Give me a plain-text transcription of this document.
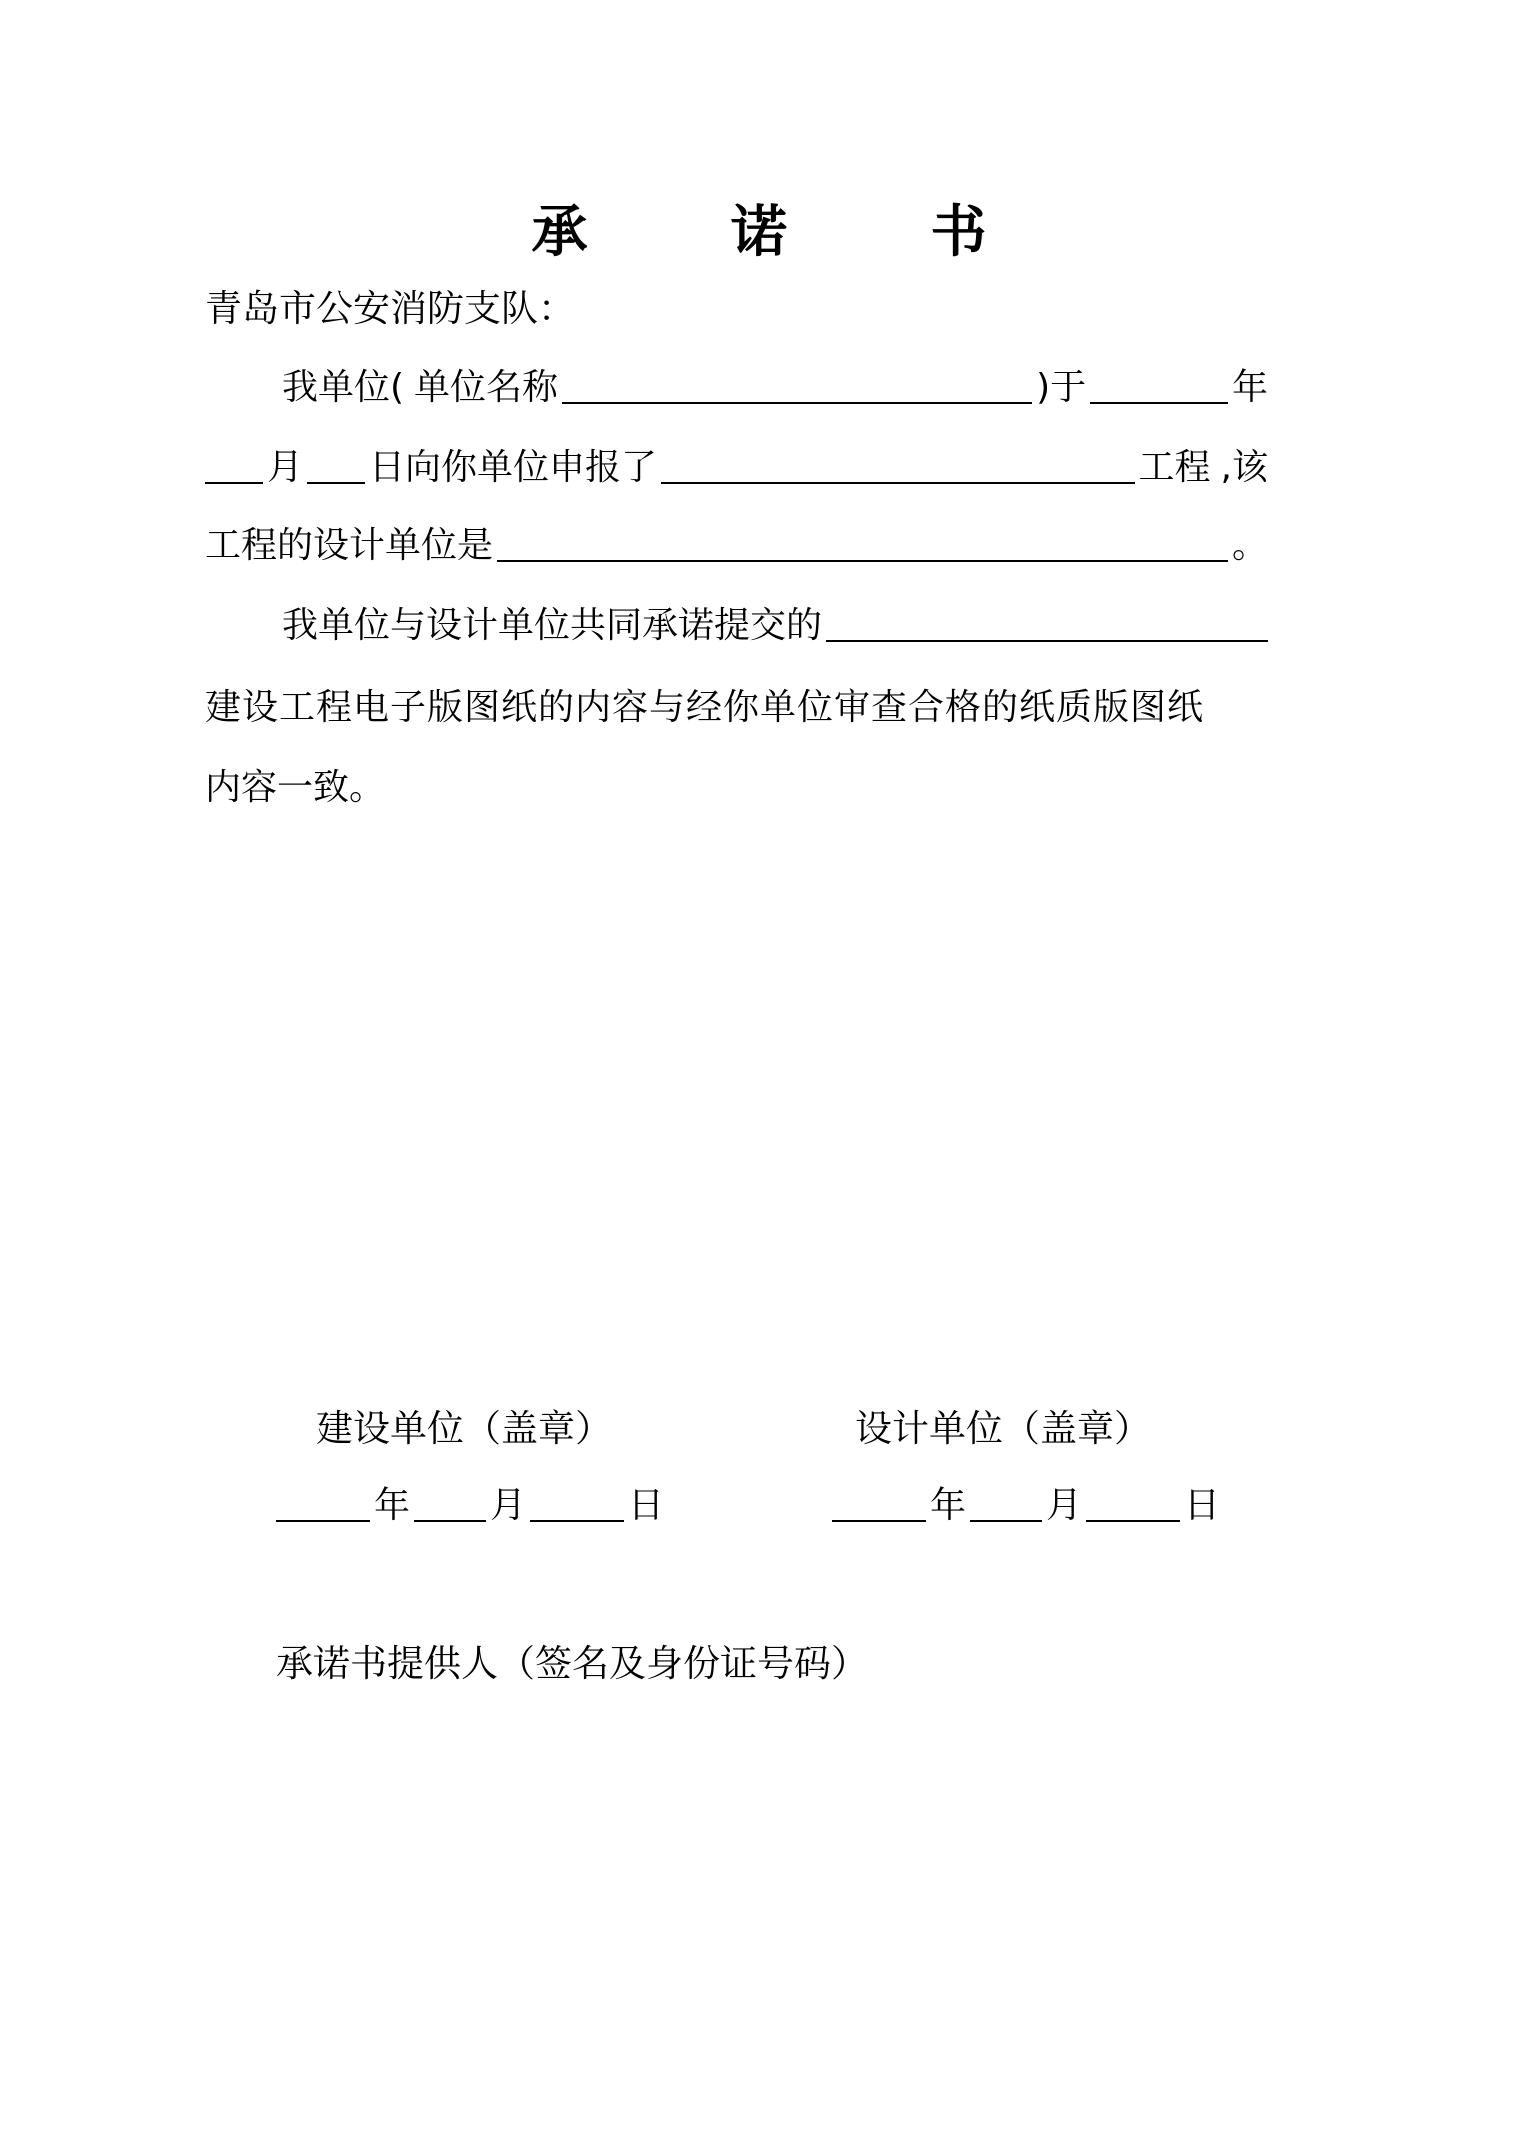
承 诺 书
青岛市公安消防支队：
我单位( 单位名称	)于	年
月 日向你单位申报了	工程 ,该
工程的设计单位是	。
我单位与设计单位共同承诺提交的
建设工程电子版图纸的内容与经你单位审查合格的纸质版图纸
内容一致。
建设单位（盖章）	设计单位（盖章）
年 月	日	年 月	日
承诺书提供人（签名及身份证号码）
